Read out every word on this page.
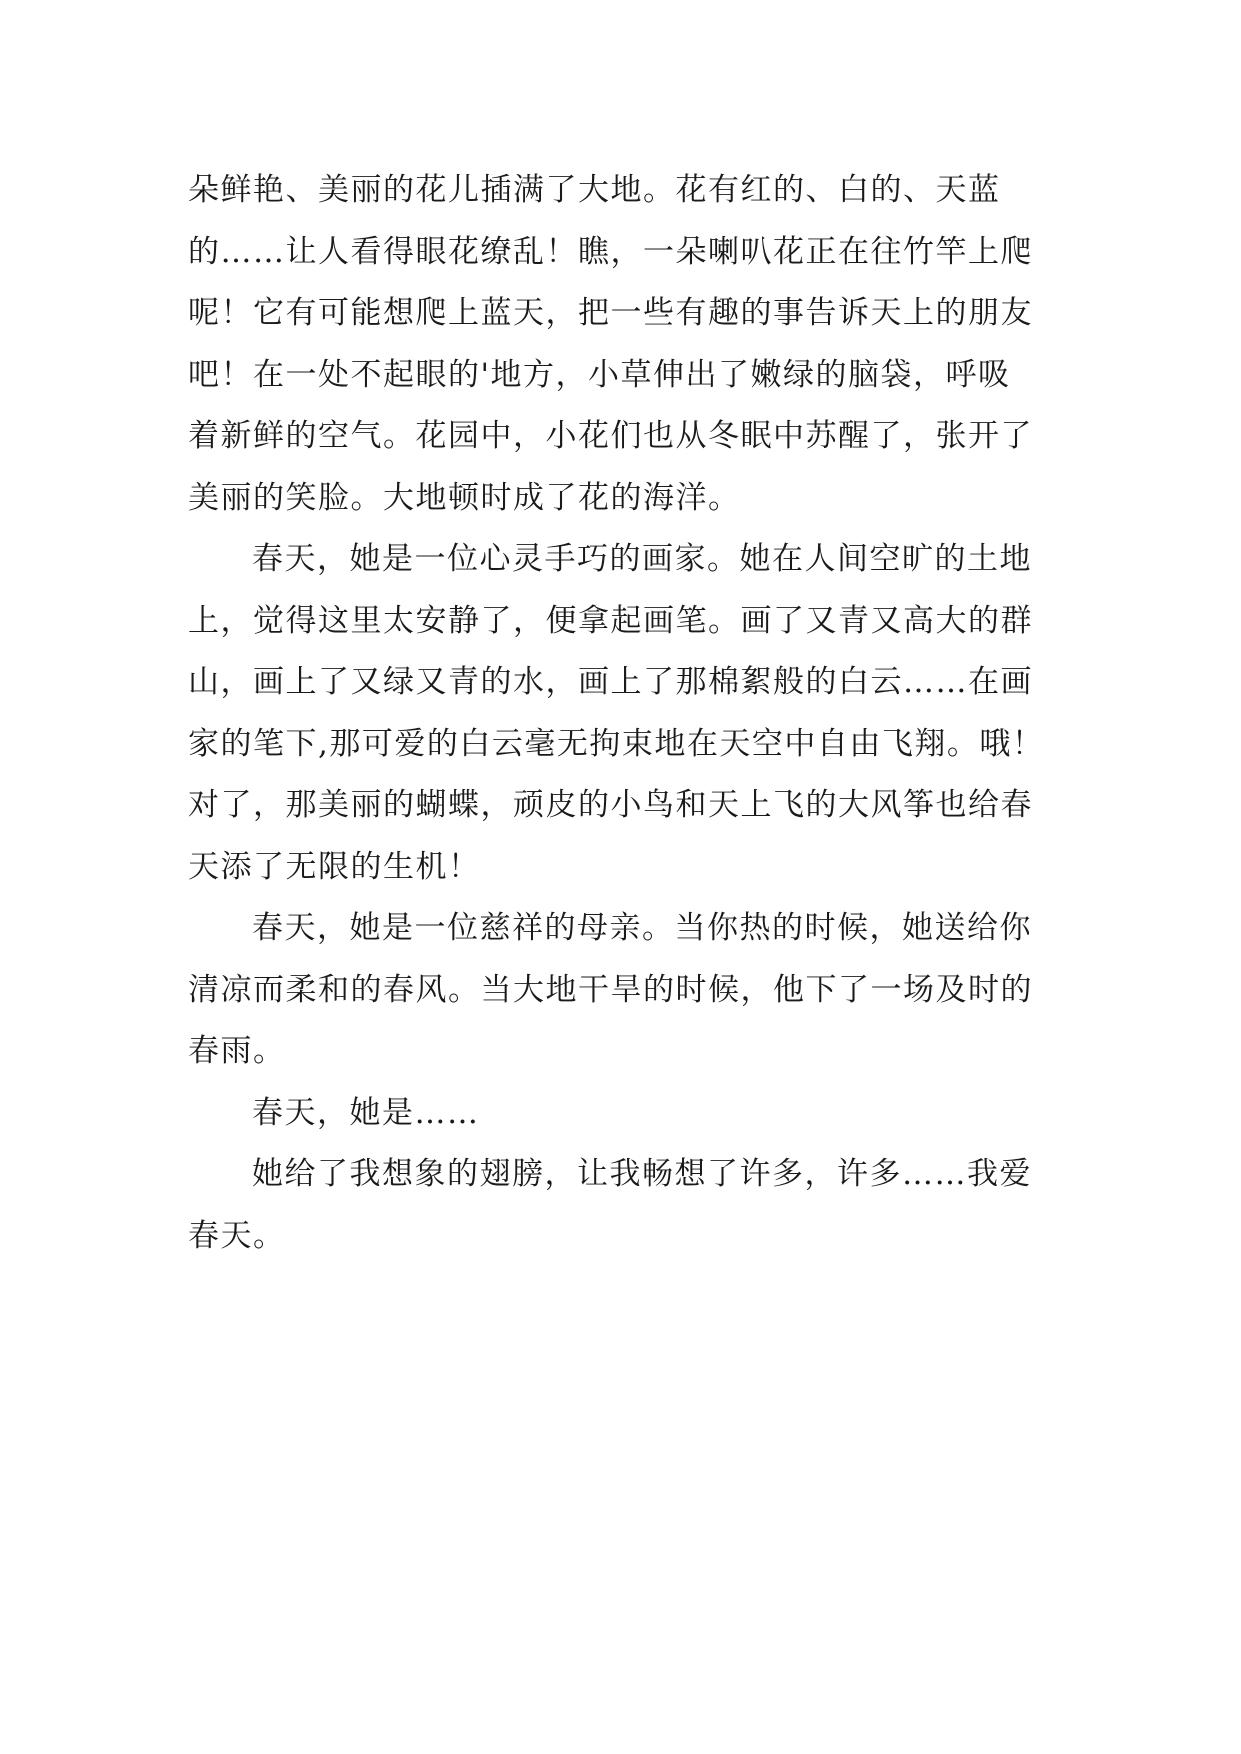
朵鲜艳、美丽的花儿插满了大地。花有红的、白的、天蓝
的……让人看得眼花缭乱！瞧，一朵喇叭花正在往竹竿上爬
呢！它有可能想爬上蓝天，把一些有趣的事告诉天上的朋友
吧！在一处不起眼的'地方，小草伸出了嫩绿的脑袋，呼吸
着新鲜的空气。花园中，小花们也从冬眠中苏醒了，张开了
美丽的笑脸。大地顿时成了花的海洋。

春天，她是一位心灵手巧的画家。她在人间空旷的土地
上，觉得这里太安静了，便拿起画笔。画了又青又高大的群
山，画上了又绿又青的水，画上了那棉絮般的白云……在画
家的笔下,那可爱的白云毫无拘束地在天空中自由飞翔。哦！
对了，那美丽的蝴蝶，顽皮的小鸟和天上飞的大风筝也给春
天添了无限的生机！

春天，她是一位慈祥的母亲。当你热的时候，她送给你
清凉而柔和的春风。当大地干旱的时候，他下了一场及时的
春雨。

春天，她是……

她给了我想象的翅膀，让我畅想了许多，许多……我爱
春天。
